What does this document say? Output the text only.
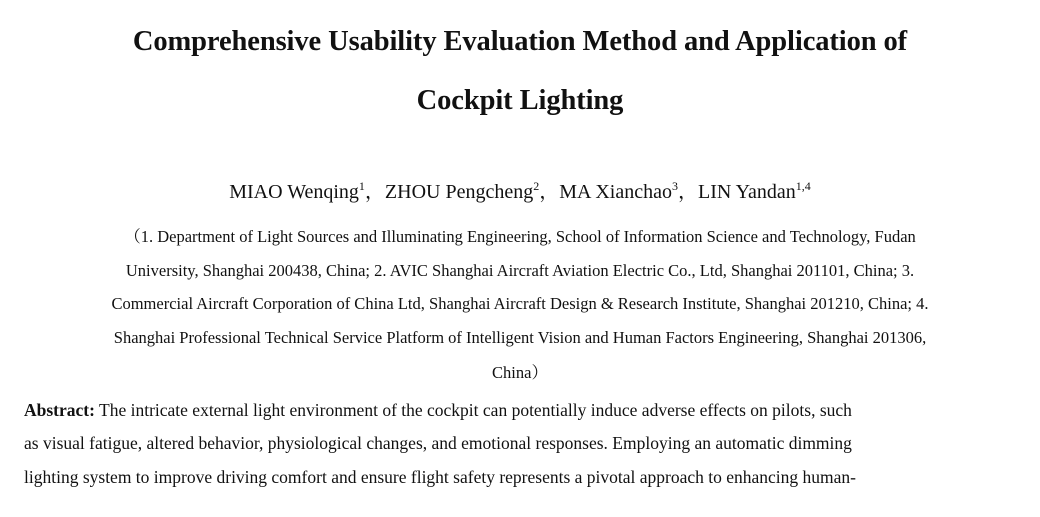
Comprehensive Usability Evaluation Method and Application of
Cockpit Lighting
MIAO Wenqing$^1$，ZHOU Pengcheng$^2$，MA Xianchao$^3$，LIN Yandan$^{1,4}$
（1. Department of Light Sources and Illuminating Engineering, School of Information Science and Technology, Fudan
University, Shanghai 200438, China; 2. AVIC Shanghai Aircraft Aviation Electric Co., Ltd, Shanghai 201101, China; 3.
Commercial Aircraft Corporation of China Ltd, Shanghai Aircraft Design & Research Institute, Shanghai 201210, China; 4.
Shanghai Professional Technical Service Platform of Intelligent Vision and Human Factors Engineering, Shanghai 201306,
China）
Abstract: The intricate external light environment of the cockpit can potentially induce adverse effects on pilots, such
as visual fatigue, altered behavior, physiological changes, and emotional responses. Employing an automatic dimming
lighting system to improve driving comfort and ensure flight safety represents a pivotal approach to enhancing human-
